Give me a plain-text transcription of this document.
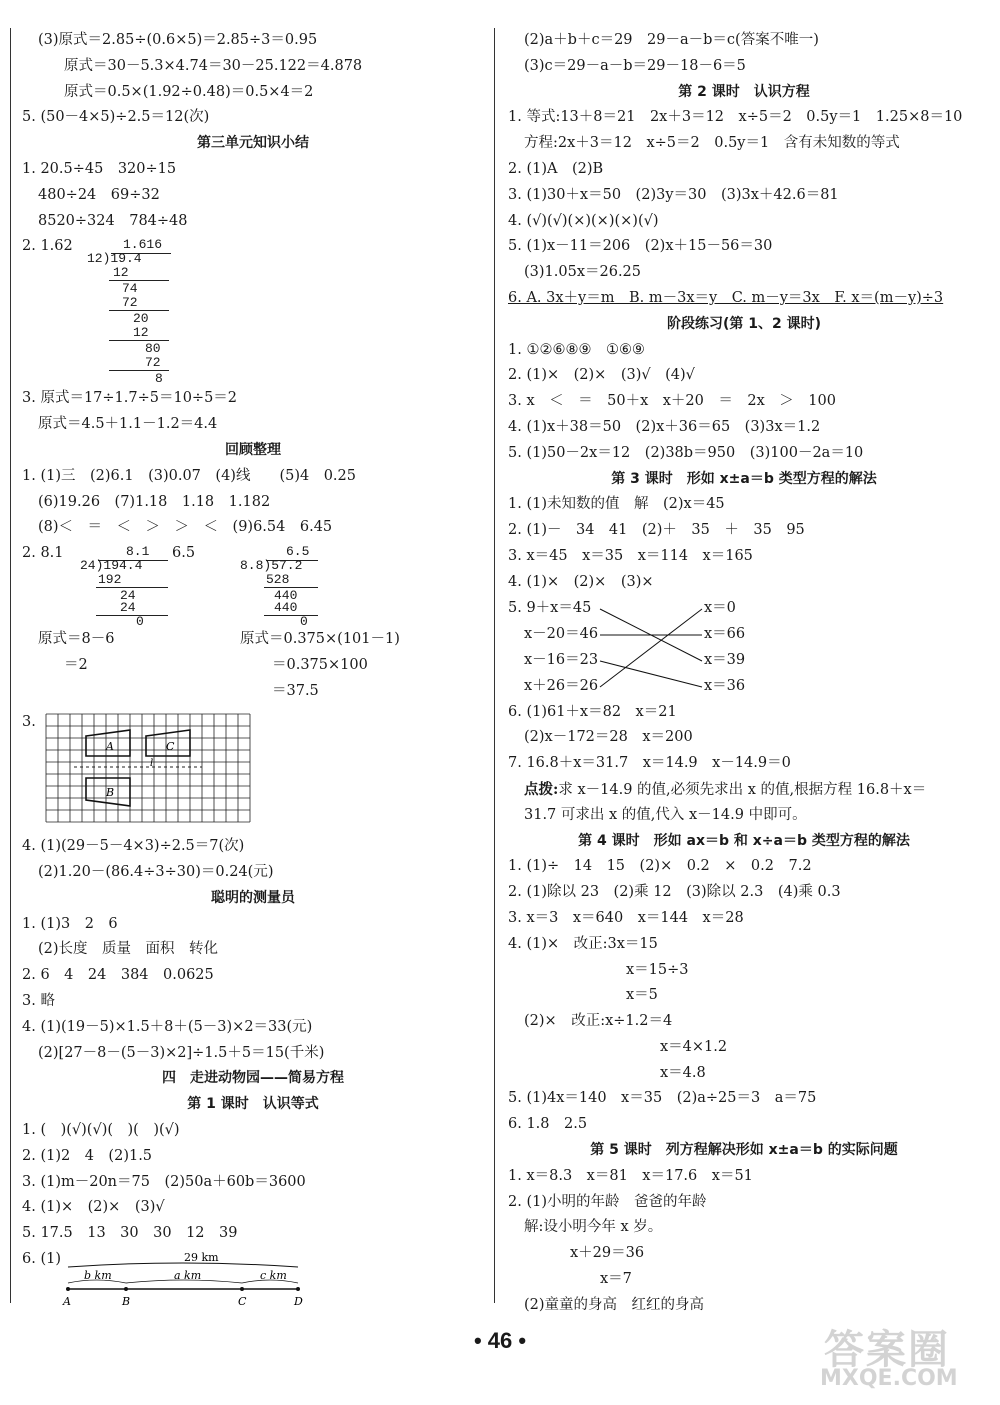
(3)原式＝2.85÷(0.6×5)＝2.85÷3＝0.95
原式＝30－5.3×4.74＝30－25.122＝4.878
原式＝0.5×(1.92÷0.48)＝0.5×4＝2
5. (50－4×5)÷2.5＝12(次)
第三单元知识小结
1. 20.5÷45　320÷15
480÷24　69÷32
8520÷324　784÷48
2. 1.62	1.616
12)19.4
12
74
72
20
12
80
72
8
3. 原式＝17÷1.7÷5＝10÷5＝2
原式＝4.5＋1.1－1.2＝4.4
回顾整理
1. (1)三　(2)6.1　(3)0.07　(4)线　　(5)4　0.25
(6)19.26　(7)1.18　1.18　1.182
(8)＜　＝　＜　＞　＞　＜　(9)6.54　6.45
2. 8.1	8.1
24)194.4
192
24
24
0
6.5	6.5
8.8)57.2
528
440
440
0
原式＝8－6	原式＝0.375×(101－1)
＝2	＝0.375×100
＝37.5
3.
A	C
B
l
4. (1)(29－5－4×3)÷2.5＝7(次)
(2)1.20－(86.4÷3÷30)＝0.24(元)
聪明的测量员
1. (1)3　2　6
(2)长度　质量　面积　转化
2. 6　4　24　384　0.0625
3. 略
4. (1)(19－5)×1.5＋8＋(5－3)×2＝33(元)
(2)[27－8－(5－3)×2]÷1.5＋5＝15(千米)
四　走进动物园——简易方程
第 1 课时　认识等式
1. (　)(√)(√)(　)(　)(√)
2. (1)2　4　(2)1.5
3. (1)m－20n＝75　(2)50a＋60b＝3600
4. (1)×　(2)×　(3)√
5. 17.5　13　30　30　12　39
6. (1)	29 km
b km	a km	c km
A	B	C	D
(2)a＋b＋c＝29　29－a－b＝c(答案不唯一)
(3)c＝29－a－b＝29－18－6＝5
第 2 课时　认识方程
1. 等式:13＋8＝21　2x＋3＝12　x÷5＝2　0.5y＝1　1.25×8＝10
方程:2x＋3＝12　x÷5＝2　0.5y＝1　含有未知数的等式
2. (1)A　(2)B
3. (1)30＋x＝50　(2)3y＝30　(3)3x＋42.6＝81
4. (√)(√)(×)(×)(×)(√)
5. (1)x－11＝206　(2)x＋15－56＝30
(3)1.05x＝26.25
6. A. 3x＋y＝m　B. m－3x＝y　C. m－y＝3x　F. x＝(m－y)÷3
阶段练习(第 1、2 课时)
1. ①②⑥⑧⑨　①⑥⑨
2. (1)×　(2)×　(3)√　(4)√
3. x　＜　＝　50＋x　x＋20　＝　2x　＞　100
4. (1)x＋38＝50　(2)x＋36＝65　(3)3x＝1.2
5. (1)50－2x＝12　(2)38b＝950　(3)100－2a＝10
第 3 课时　形如 x±a＝b 类型方程的解法
1. (1)未知数的值　解　(2)x＝45
2. (1)－　34　41　(2)＋　35　＋　35　95
3. x＝45　x＝35　x＝114　x＝165
4. (1)×　(2)×　(3)×
5. 9＋x＝45
x－20＝46
x－16＝23
x＋26＝26
x＝0
x＝66
x＝39
x＝36
6. (1)61＋x＝82　x＝21
(2)x－172＝28　x＝200
7. 16.8＋x＝31.7　x＝14.9　x－14.9＝0
点拨:求 x－14.9 的值,必须先求出 x 的值,根据方程 16.8＋x＝
31.7 可求出 x 的值,代入 x－14.9 中即可。
第 4 课时　形如 ax＝b 和 x÷a＝b 类型方程的解法
1. (1)÷　14　15　(2)×　0.2　×　0.2　7.2
2. (1)除以 23　(2)乘 12　(3)除以 2.3　(4)乘 0.3
3. x＝3　x＝640　x＝144　x＝28
4. (1)×　改正:3x＝15
x＝15÷3
x＝5
(2)×　改正:x÷1.2＝4
x＝4×1.2
x＝4.8
5. (1)4x＝140　x＝35　(2)a÷25＝3　a＝75
6. 1.8　2.5
第 5 课时　列方程解决形如 x±a＝b 的实际问题
1. x＝8.3　x＝81　x＝17.6　x＝51
2. (1)小明的年龄　爸爸的年龄
解:设小明今年 x 岁。
x＋29＝36
x＝7
(2)童童的身高　红红的身高
• 46 •	答案圈
MXQE.COM
